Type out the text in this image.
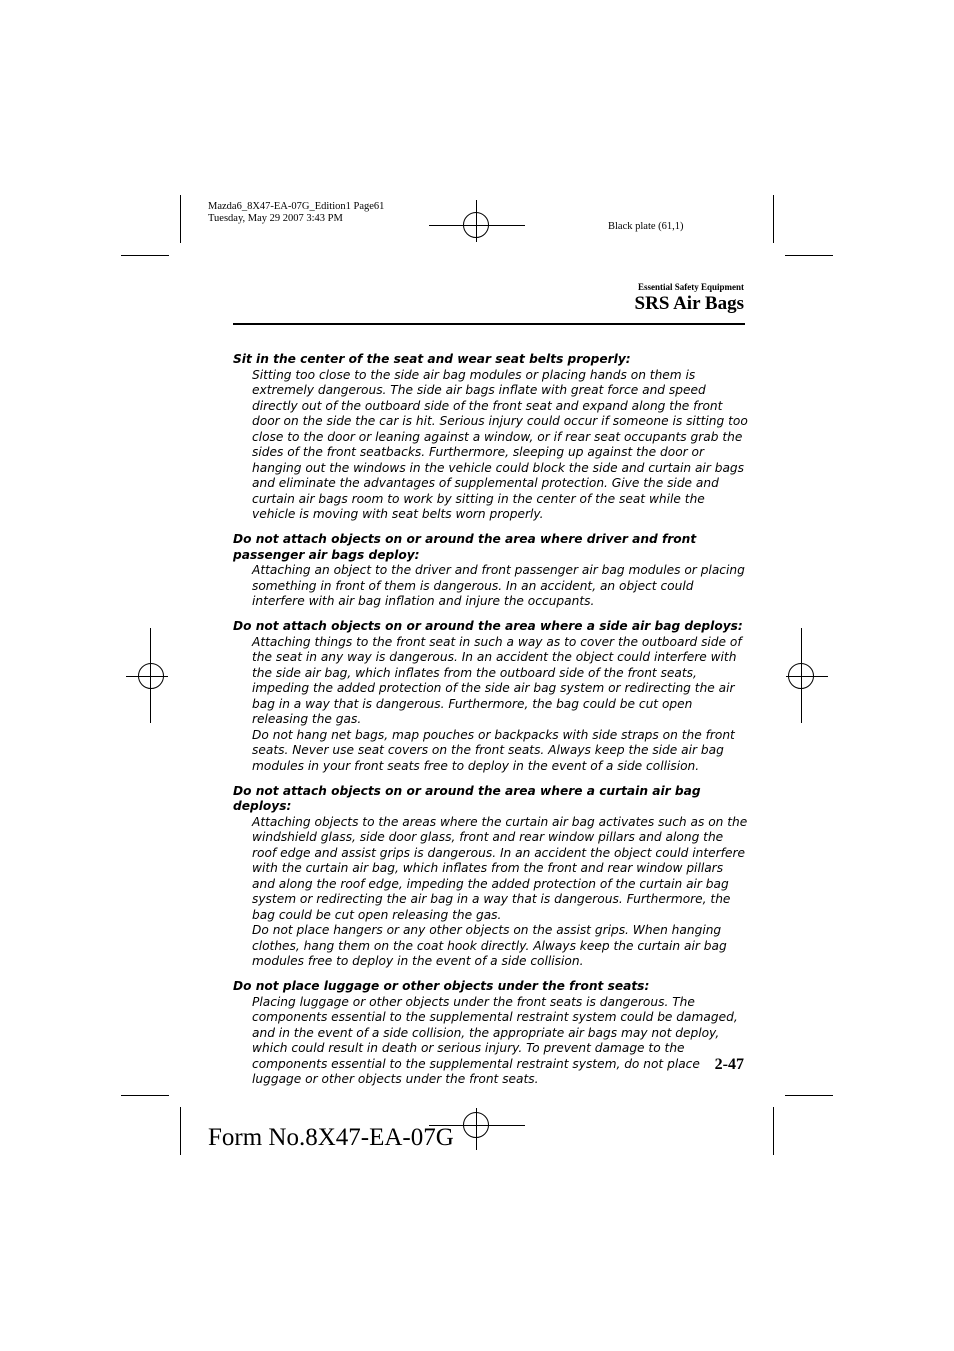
Mazda6_8X47-EA-07G_Edition1 Page61
Tuesday, May 29 2007 3:43 PM
Black plate (61,1)
Essential Safety Equipment
SRS Air Bags

Sit in the center of the seat and wear seat belts properly:

Sitting too close to the side air bag modules or placing hands on them is extremely dangerous. The side air bags inflate with great force and speed directly out of the outboard side of the front seat and expand along the front door on the side the car is hit. Serious injury could occur if someone is sitting too close to the door or leaning against a window, or if rear seat occupants grab the sides of the front seatbacks. Furthermore, sleeping up against the door or hanging out the windows in the vehicle could block the side and curtain air bags and eliminate the advantages of supplemental protection. Give the side and curtain air bags room to work by sitting in the center of the seat while the vehicle is moving with seat belts worn properly.

Do not attach objects on or around the area where driver and front passenger air bags deploy:

Attaching an object to the driver and front passenger air bag modules or placing something in front of them is dangerous. In an accident, an object could interfere with air bag inflation and injure the occupants.

Do not attach objects on or around the area where a side air bag deploys:

Attaching things to the front seat in such a way as to cover the outboard side of the seat in any way is dangerous. In an accident the object could interfere with the side air bag, which inflates from the outboard side of the front seats, impeding the added protection of the side air bag system or redirecting the air bag in a way that is dangerous. Furthermore, the bag could be cut open releasing the gas.

Do not hang net bags, map pouches or backpacks with side straps on the front seats. Never use seat covers on the front seats. Always keep the side air bag modules in your front seats free to deploy in the event of a side collision.

Do not attach objects on or around the area where a curtain air bag deploys:

Attaching objects to the areas where the curtain air bag activates such as on the windshield glass, side door glass, front and rear window pillars and along the roof edge and assist grips is dangerous. In an accident the object could interfere with the curtain air bag, which inflates from the front and rear window pillars and along the roof edge, impeding the added protection of the curtain air bag system or redirecting the air bag in a way that is dangerous. Furthermore, the bag could be cut open releasing the gas.

Do not place hangers or any other objects on the assist grips. When hanging clothes, hang them on the coat hook directly. Always keep the curtain air bag modules free to deploy in the event of a side collision.

Do not place luggage or other objects under the front seats:

Placing luggage or other objects under the front seats is dangerous. The components essential to the supplemental restraint system could be damaged, and in the event of a side collision, the appropriate air bags may not deploy, which could result in death or serious injury. To prevent damage to the components essential to the supplemental restraint system, do not place luggage or other objects under the front seats.

2-47
Form No.8X47-EA-07G
